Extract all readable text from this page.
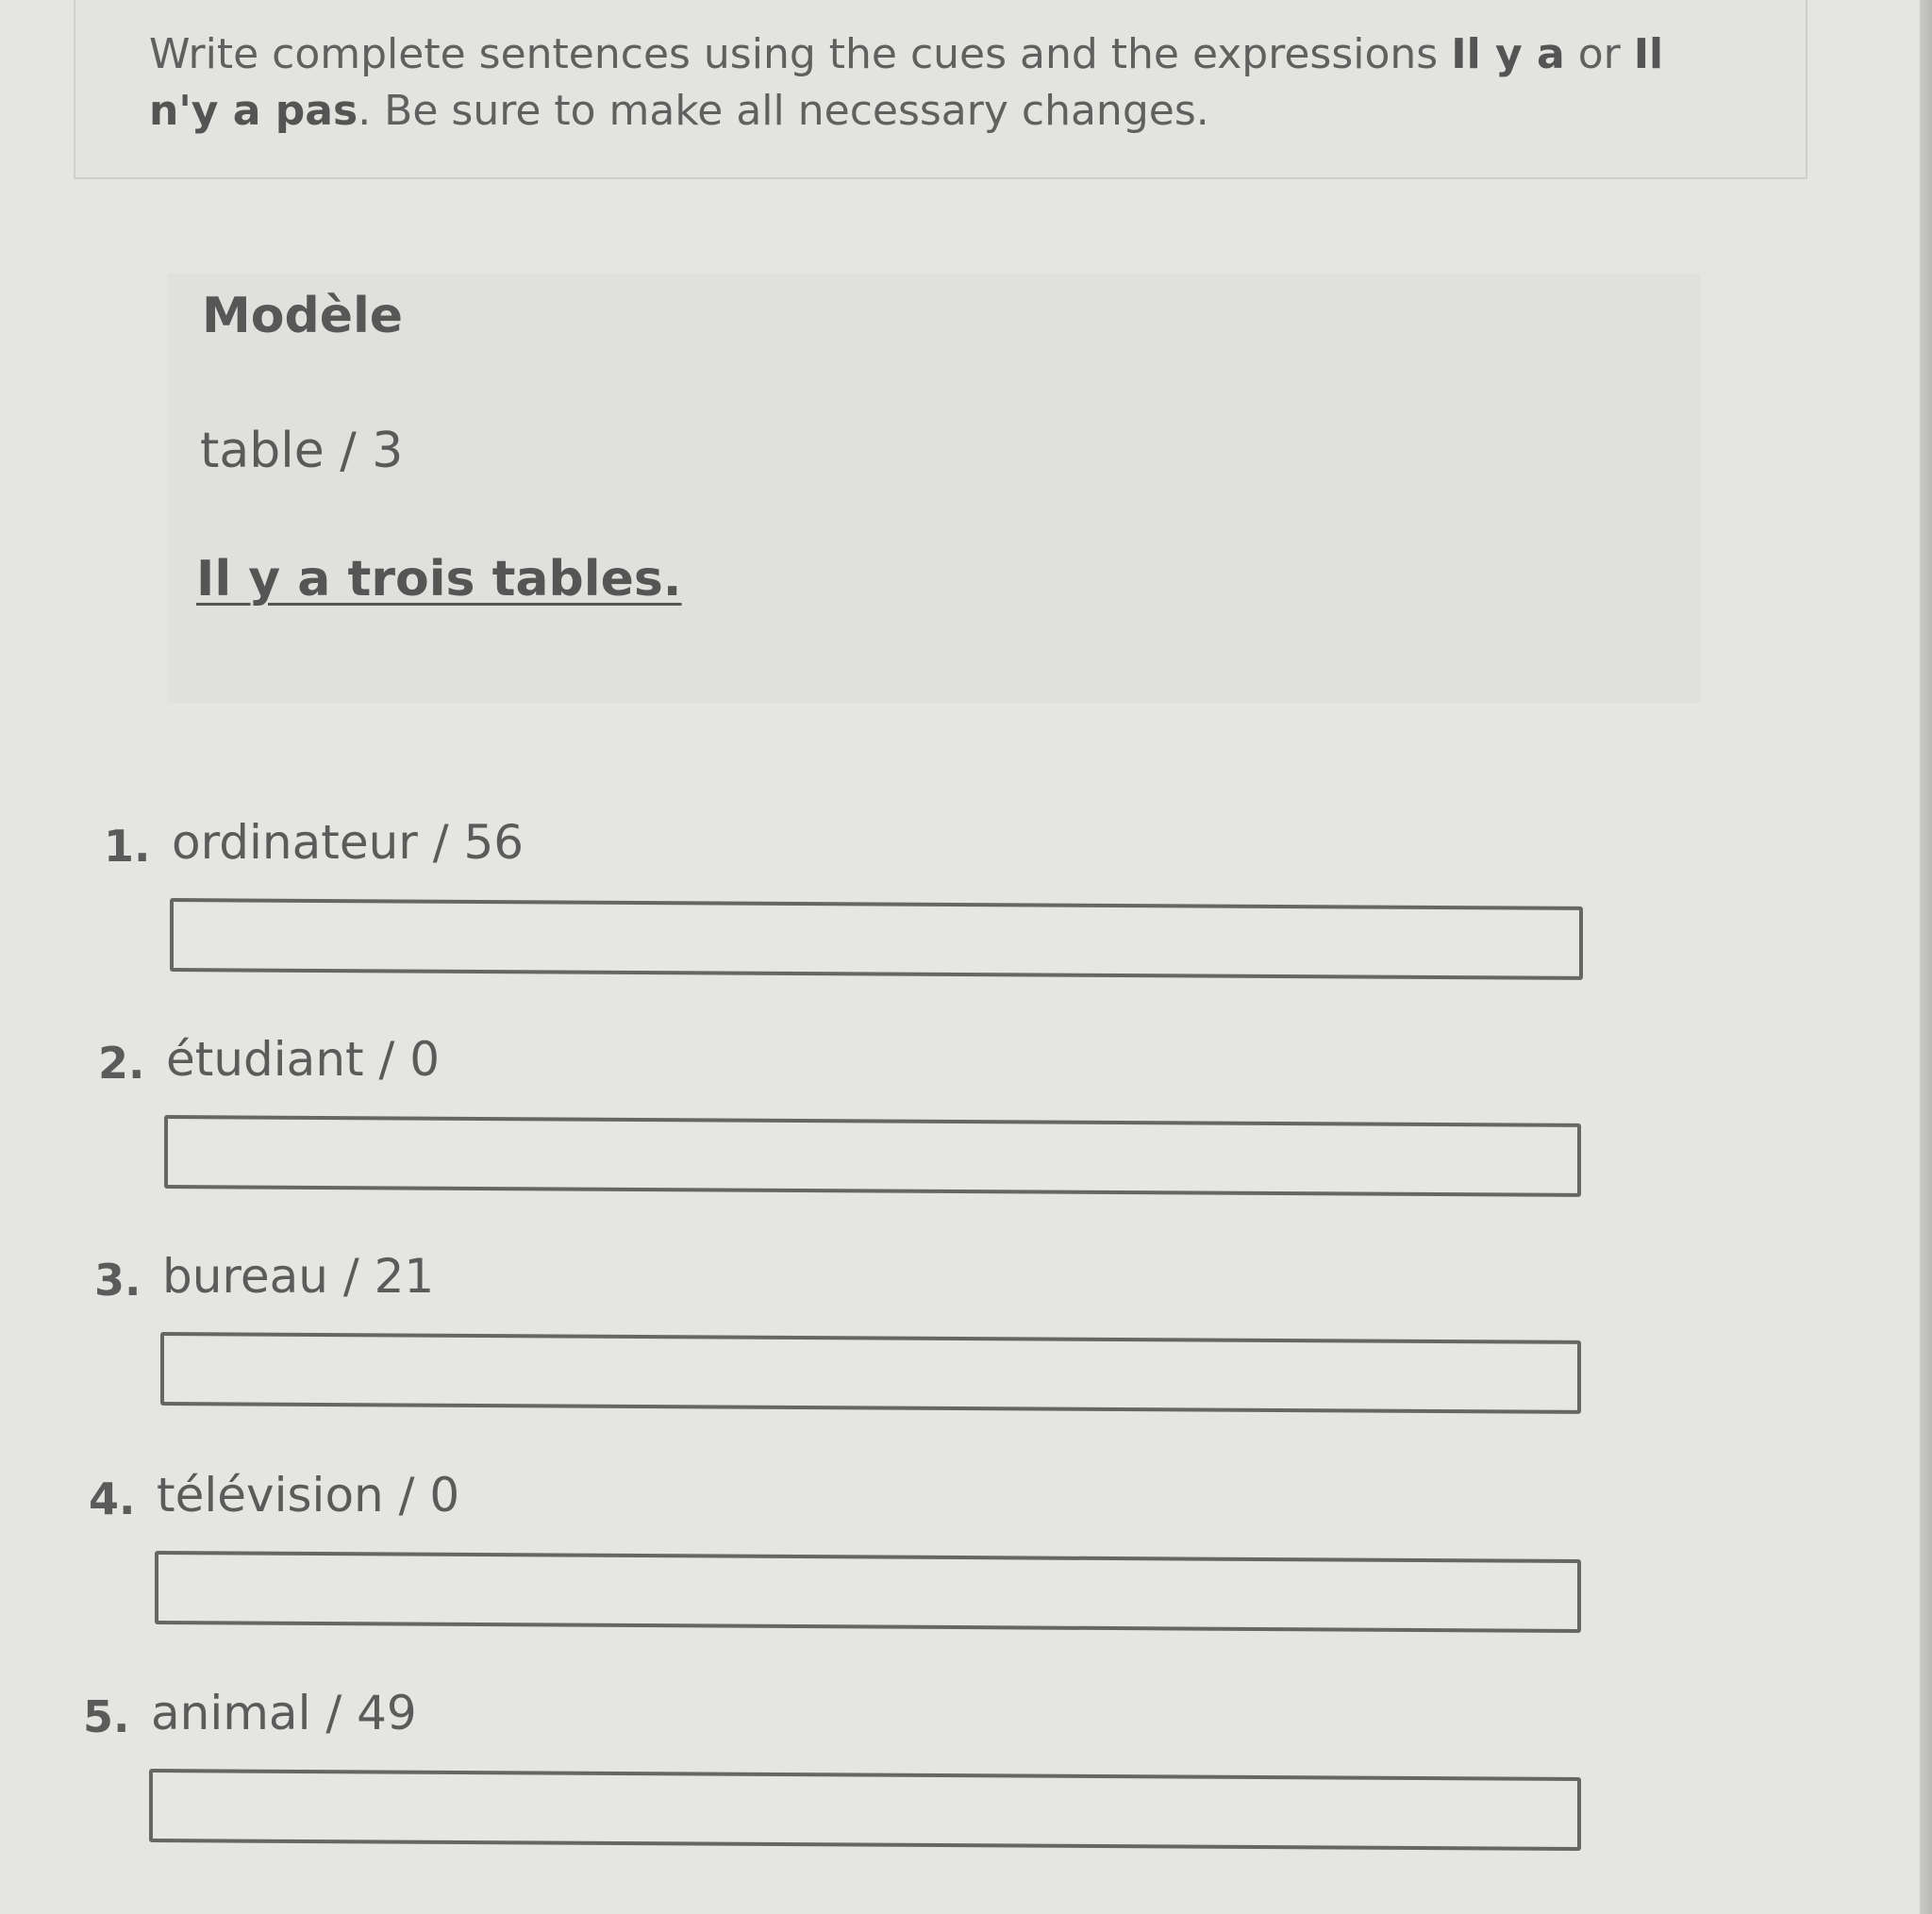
Write complete sentences using the cues and the expressions Il y a or Il n'y a pas. Be sure to make all necessary changes.
Modèle
table / 3
Il y a trois tables.
1. ordinateur / 56
2. étudiant / 0
3. bureau / 21
4. télévision / 0
5. animal / 49
